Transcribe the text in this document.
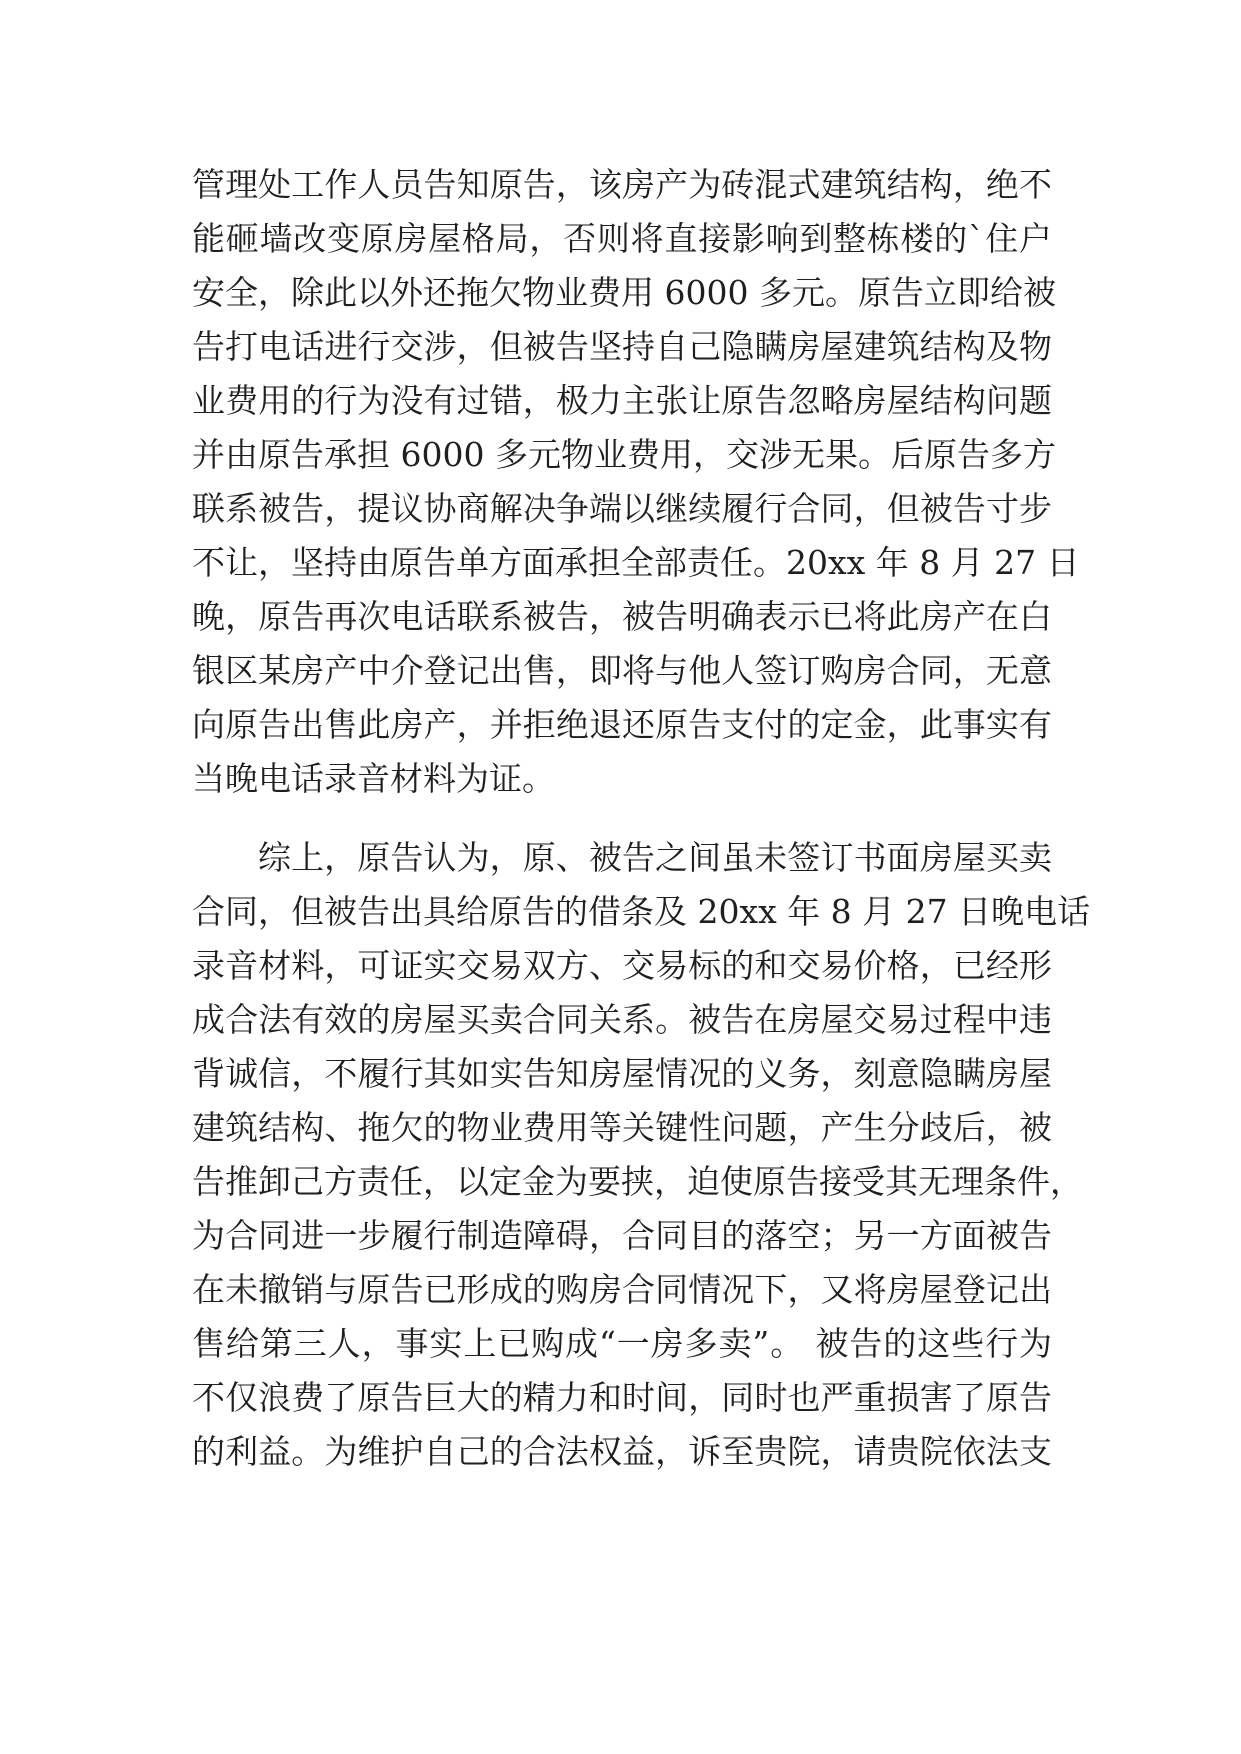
管理处工作人员告知原告，该房产为砖混式建筑结构，绝不
能砸墙改变原房屋格局，否则将直接影响到整栋楼的`住户
安全，除此以外还拖欠物业费用 6000 多元。原告立即给被
告打电话进行交涉，但被告坚持自己隐瞒房屋建筑结构及物
业费用的行为没有过错，极力主张让原告忽略房屋结构问题
并由原告承担 6000 多元物业费用，交涉无果。后原告多方
联系被告，提议协商解决争端以继续履行合同，但被告寸步
不让，坚持由原告单方面承担全部责任。20xx 年 8 月 27 日
晚，原告再次电话联系被告，被告明确表示已将此房产在白
银区某房产中介登记出售，即将与他人签订购房合同，无意
向原告出售此房产，并拒绝退还原告支付的定金，此事实有
当晚电话录音材料为证。
综上，原告认为，原、被告之间虽未签订书面房屋买卖
合同，但被告出具给原告的借条及 20xx 年 8 月 27 日晚电话
录音材料，可证实交易双方、交易标的和交易价格，已经形
成合法有效的房屋买卖合同关系。被告在房屋交易过程中违
背诚信，不履行其如实告知房屋情况的义务，刻意隐瞒房屋
建筑结构、拖欠的物业费用等关键性问题，产生分歧后，被
告推卸己方责任，以定金为要挟，迫使原告接受其无理条件，
为合同进一步履行制造障碍，合同目的落空；另一方面被告
在未撤销与原告已形成的购房合同情况下，又将房屋登记出
售给第三人，事实上已购成“一房多卖”。 被告的这些行为
不仅浪费了原告巨大的精力和时间，同时也严重损害了原告
的利益。为维护自己的合法权益，诉至贵院，请贵院依法支
